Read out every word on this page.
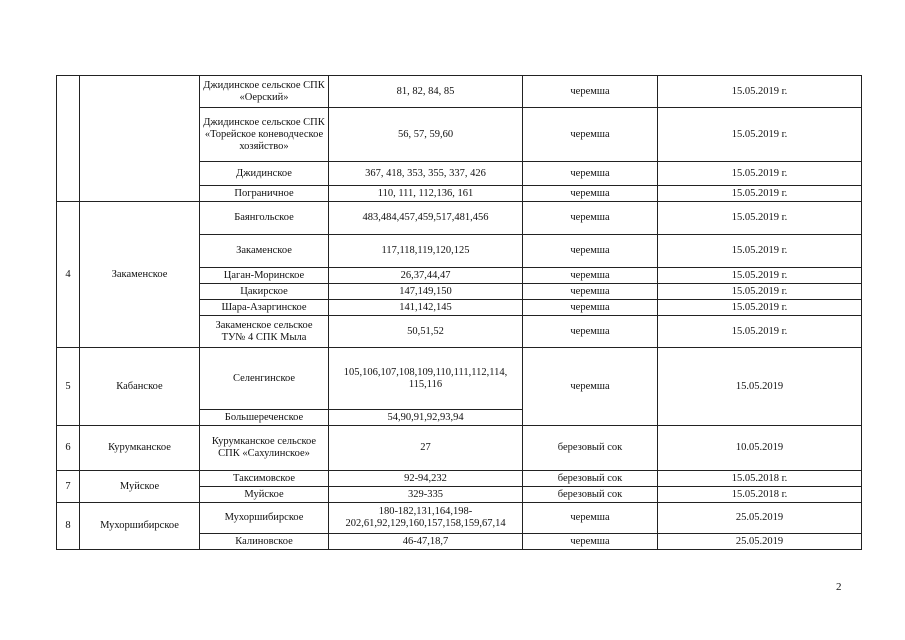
		Джидинское сельское СПК «Оерский»	81, 82, 84, 85	черемша	15.05.2019 г.
		Джидинское сельское СПК «Торейское коневодческое хозяйство»	56, 57, 59,60	черемша	15.05.2019 г.
		Джидинское	367, 418, 353, 355, 337, 426	черемша	15.05.2019 г.
		Пограничное	110, 111, 112,136, 161	черемша	15.05.2019 г.
4	Закаменское	Баянгольское	483,484,457,459,517,481,456	черемша	15.05.2019 г.
		Закаменское	117,118,119,120,125	черемша	15.05.2019 г.
		Цаган-Моринское	26,37,44,47	черемша	15.05.2019 г.
		Цакирское	147,149,150	черемша	15.05.2019 г.
		Шара-Азаргинское	141,142,145	черемша	15.05.2019 г.
		Закаменское сельское ТУ№ 4 СПК Мыла	50,51,52	черемша	15.05.2019 г.
5	Кабанское	Селенгинское	105,106,107,108,109,110,111,112,114, 115,116	черемша	15.05.2019
		Большереченское	54,90,91,92,93,94		
6	Курумканское	Курумканское сельское СПК «Сахулинское»	27	березовый сок	10.05.2019
7	Муйское	Таксимовское	92-94,232	березовый сок	15.05.2018 г.
		Муйское	329-335	березовый сок	15.05.2018 г.
8	Мухоршибирское	Мухоршибирское	180-182,131,164,198-202,61,92,129,160,157,158,159,67,14	черемша	25.05.2019
		Калиновское	46-47,18,7	черемша	25.05.2019
2
